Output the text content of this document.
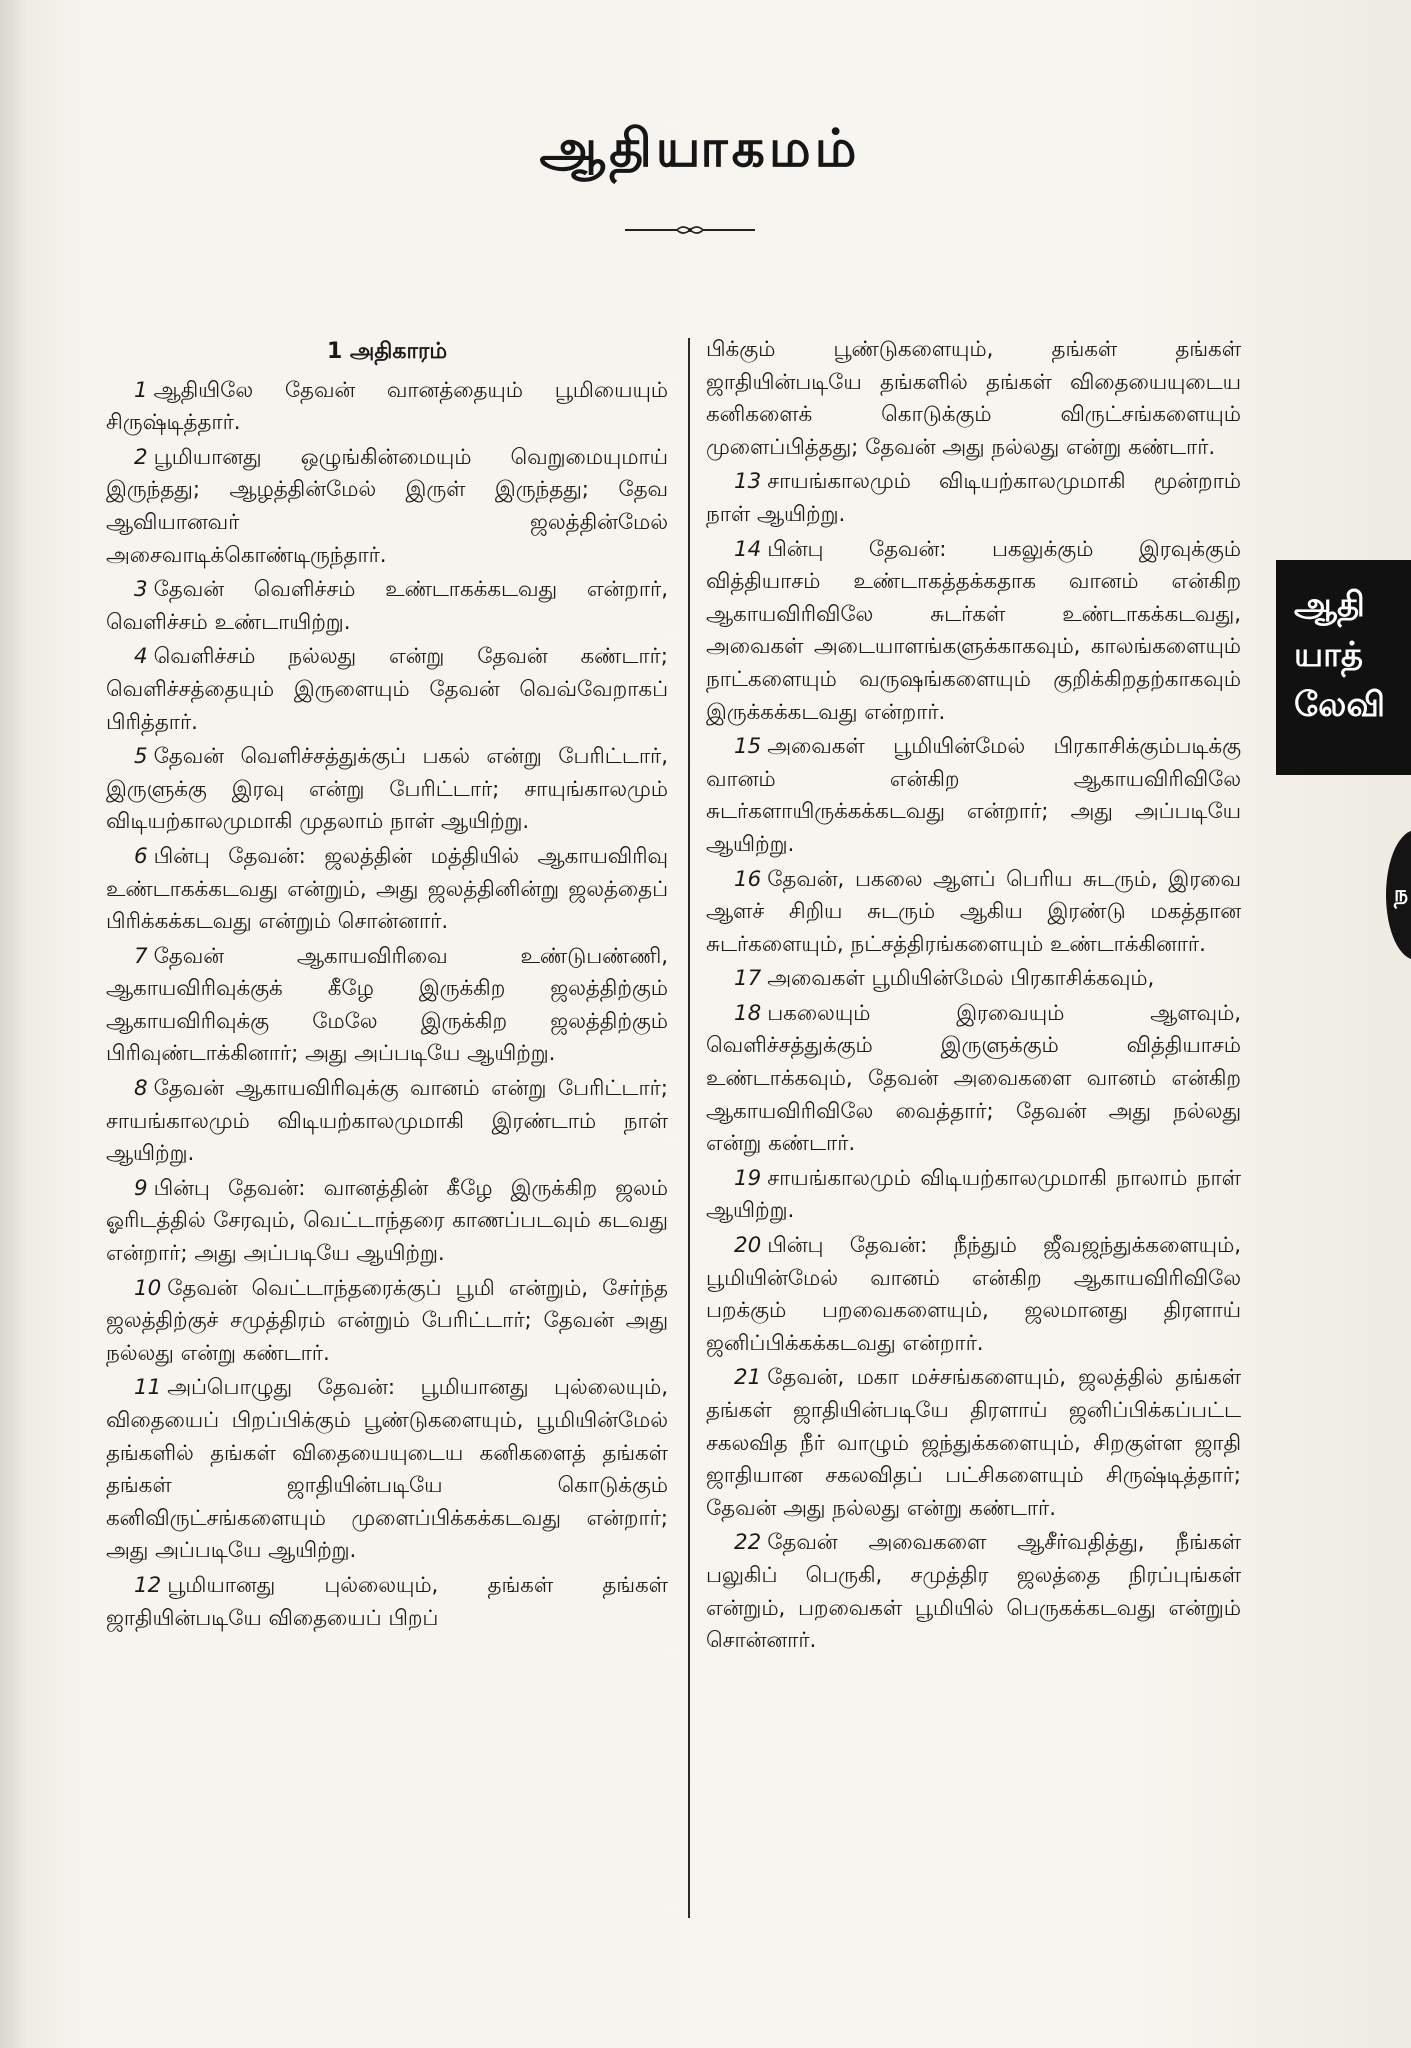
ஆதியாகமம்
1 அதிகாரம்

1 ஆதியிலே தேவன் வானத்தையும் பூமியையும் சிருஷ்டித்தார்.

2 பூமியானது ஒழுங்கின்மையும் வெறுமையுமாய் இருந்தது; ஆழத்தின்மேல் இருள் இருந்தது; தேவ ஆவியானவர் ஜலத்தின்மேல் அசைவாடிக்கொண்டிருந்தார்.

3 தேவன் வெளிச்சம் உண்டாகக்கடவது என்றார், வெளிச்சம் உண்டாயிற்று.

4 வெளிச்சம் நல்லது என்று தேவன் கண்டார்; வெளிச்சத்தையும் இருளையும் தேவன் வெவ்வேறாகப் பிரித்தார்.

5 தேவன் வெளிச்சத்துக்குப் பகல் என்று பேரிட்டார், இருளுக்கு இரவு என்று பேரிட்டார்; சாயுங்காலமும் விடியற்காலமுமாகி முதலாம் நாள் ஆயிற்று.

6 பின்பு தேவன்: ஜலத்தின் மத்தியில் ஆகாயவிரிவு உண்டாகக்கடவது என்றும், அது ஜலத்தினின்று ஜலத்தைப் பிரிக்கக்கடவது என்றும் சொன்னார்.

7 தேவன் ஆகாயவிரிவை உண்டுபண்ணி, ஆகாயவிரிவுக்குக் கீழே இருக்கிற ஜலத்திற்கும் ஆகாயவிரிவுக்கு மேலே இருக்கிற ஜலத்திற்கும் பிரிவுண்டாக்கினார்; அது அப்படியே ஆயிற்று.

8 தேவன் ஆகாயவிரிவுக்கு வானம் என்று பேரிட்டார்; சாயங்காலமும் விடியற்காலமுமாகி இரண்டாம் நாள் ஆயிற்று.

9 பின்பு தேவன்: வானத்தின் கீழே இருக்கிற ஜலம் ஓரிடத்தில் சேரவும், வெட்டாந்தரை காணப்படவும் கடவது என்றார்; அது அப்படியே ஆயிற்று.

10 தேவன் வெட்டாந்தரைக்குப் பூமி என்றும், சேர்ந்த ஜலத்திற்குச் சமுத்திரம் என்றும் பேரிட்டார்; தேவன் அது நல்லது என்று கண்டார்.

11 அப்பொழுது தேவன்: பூமியானது புல்லையும், விதையைப் பிறப்பிக்கும் பூண்டுகளையும், பூமியின்மேல் தங்களில் தங்கள் விதையையுடைய கனிகளைத் தங்கள் தங்கள் ஜாதியின்படியே கொடுக்கும் கனிவிருட்சங்களையும் முளைப்பிக்கக்கடவது என்றார்; அது அப்படியே ஆயிற்று.

12 பூமியானது புல்லையும், தங்கள் தங்கள் ஜாதியின்படியே விதையைப் பிறப்

பிக்கும் பூண்டுகளையும், தங்கள் தங்கள் ஜாதியின்படியே தங்களில் தங்கள் விதையையுடைய கனிகளைக் கொடுக்கும் விருட்சங்களையும் முளைப்பித்தது; தேவன் அது நல்லது என்று கண்டார்.

13 சாயங்காலமும் விடியற்காலமுமாகி மூன்றாம் நாள் ஆயிற்று.

14 பின்பு தேவன்: பகலுக்கும் இரவுக்கும் வித்தியாசம் உண்டாகத்தக்கதாக வானம் என்கிற ஆகாயவிரிவிலே சுடர்கள் உண்டாகக்கடவது, அவைகள் அடையாளங்களுக்காகவும், காலங்களையும் நாட்களையும் வருஷங்களையும் குறிக்கிறதற்காகவும் இருக்கக்கடவது என்றார்.

15 அவைகள் பூமியின்மேல் பிரகாசிக்கும்படிக்கு வானம் என்கிற ஆகாயவிரிவிலே சுடர்களாயிருக்கக்கடவது என்றார்; அது அப்படியே ஆயிற்று.

16 தேவன், பகலை ஆளப் பெரிய சுடரும், இரவை ஆளச் சிறிய சுடரும் ஆகிய இரண்டு மகத்தான சுடர்களையும், நட்சத்திரங்களையும் உண்டாக்கினார்.

17 அவைகள் பூமியின்மேல் பிரகாசிக்கவும்,

18 பகலையும் இரவையும் ஆளவும், வெளிச்சத்துக்கும் இருளுக்கும் வித்தியாசம் உண்டாக்கவும், தேவன் அவைகளை வானம் என்கிற ஆகாயவிரிவிலே வைத்தார்; தேவன் அது நல்லது என்று கண்டார்.

19 சாயங்காலமும் விடியற்காலமுமாகி நாலாம் நாள் ஆயிற்று.

20 பின்பு தேவன்: நீந்தும் ஜீவஜந்துக்களையும், பூமியின்மேல் வானம் என்கிற ஆகாயவிரிவிலே பறக்கும் பறவைகளையும், ஜலமானது திரளாய் ஜனிப்பிக்கக்கடவது என்றார்.

21 தேவன், மகா மச்சங்களையும், ஜலத்தில் தங்கள் தங்கள் ஜாதியின்படியே திரளாய் ஜனிப்பிக்கப்பட்ட சகலவித நீர் வாழும் ஜந்துக்களையும், சிறகுள்ள ஜாதி ஜாதியான சகலவிதப் பட்சிகளையும் சிருஷ்டித்தார்; தேவன் அது நல்லது என்று கண்டார்.

22 தேவன் அவைகளை ஆசீர்வதித்து, நீங்கள் பலுகிப் பெருகி, சமுத்திர ஜலத்தை நிரப்புங்கள் என்றும், பறவைகள் பூமியில் பெருகக்கடவது என்றும் சொன்னார்.

ஆதி
யாத்
லேவி
ந
